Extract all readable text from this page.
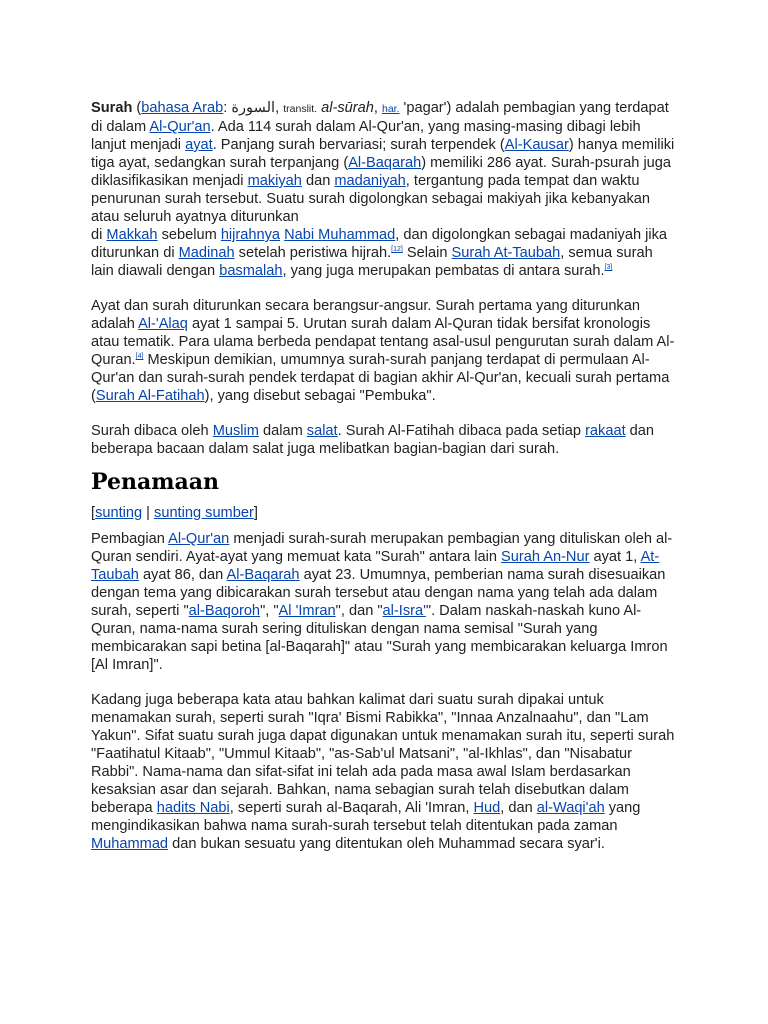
Surah (bahasa Arab: السورة, translit. al-sūrah, har. 'pagar') adalah pembagian yang terdapat di dalam Al-Qur'an. Ada 114 surah dalam Al-Qur'an, yang masing-masing dibagi lebih lanjut menjadi ayat. Panjang surah bervariasi; surah terpendek (Al-Kausar) hanya memiliki tiga ayat, sedangkan surah terpanjang (Al-Baqarah) memiliki 286 ayat. Surah-psurah juga diklasifikasikan menjadi makiyah dan madaniyah, tergantung pada tempat dan waktu penurunan surah tersebut. Suatu surah digolongkan sebagai makiyah jika kebanyakan atau seluruh ayatnya diturunkan
di Makkah sebelum hijrahnya Nabi Muhammad, dan digolongkan sebagai madaniyah jika diturunkan di Madinah setelah peristiwa hijrah.[12] Selain Surah At-Taubah, semua surah lain diawali dengan basmalah, yang juga merupakan pembatas di antara surah.[3]

Ayat dan surah diturunkan secara berangsur-angsur. Surah pertama yang diturunkan adalah Al-'Alaq ayat 1 sampai 5. Urutan surah dalam Al-Quran tidak bersifat kronologis atau tematik. Para ulama berbeda pendapat tentang asal-usul pengurutan surah dalam Al-Quran.[4] Meskipun demikian, umumnya surah-surah panjang terdapat di permulaan Al-Qur'an dan surah-surah pendek terdapat di bagian akhir Al-Qur'an, kecuali surah pertama (Surah Al-Fatihah), yang disebut sebagai "Pembuka".

Surah dibaca oleh Muslim dalam salat. Surah Al-Fatihah dibaca pada setiap rakaat dan beberapa bacaan dalam salat juga melibatkan bagian-bagian dari surah.

Penamaan
[sunting | sunting sumber]

Pembagian Al-Qur'an menjadi surah-surah merupakan pembagian yang dituliskan oleh al-Quran sendiri. Ayat-ayat yang memuat kata "Surah" antara lain Surah An-Nur ayat 1, At-Taubah ayat 86, dan Al-Baqarah ayat 23. Umumnya, pemberian nama surah disesuaikan dengan tema yang dibicarakan surah tersebut atau dengan nama yang telah ada dalam surah, seperti "al-Baqoroh", "Al 'Imran", dan "al-Isra'". Dalam naskah-naskah kuno Al-Quran, nama-nama surah sering dituliskan dengan nama semisal "Surah yang membicarakan sapi betina [al-Baqarah]" atau "Surah yang membicarakan keluarga Imron [Al Imran]".

Kadang juga beberapa kata atau bahkan kalimat dari suatu surah dipakai untuk menamakan surah, seperti surah "Iqra' Bismi Rabikka", "Innaa Anzalnaahu", dan "Lam Yakun". Sifat suatu surah juga dapat digunakan untuk menamakan surah itu, seperti surah "Faatihatul Kitaab", "Ummul Kitaab", "as-Sab'ul Matsani", "al-Ikhlas", dan "Nisabatur Rabbi". Nama-nama dan sifat-sifat ini telah ada pada masa awal Islam berdasarkan kesaksian asar dan sejarah. Bahkan, nama sebagian surah telah disebutkan dalam beberapa hadits Nabi, seperti surah al-Baqarah, Ali 'Imran, Hud, dan al-Waqi'ah yang mengindikasikan bahwa nama surah-surah tersebut telah ditentukan pada zaman Muhammad dan bukan sesuatu yang ditentukan oleh Muhammad secara syar'i.
